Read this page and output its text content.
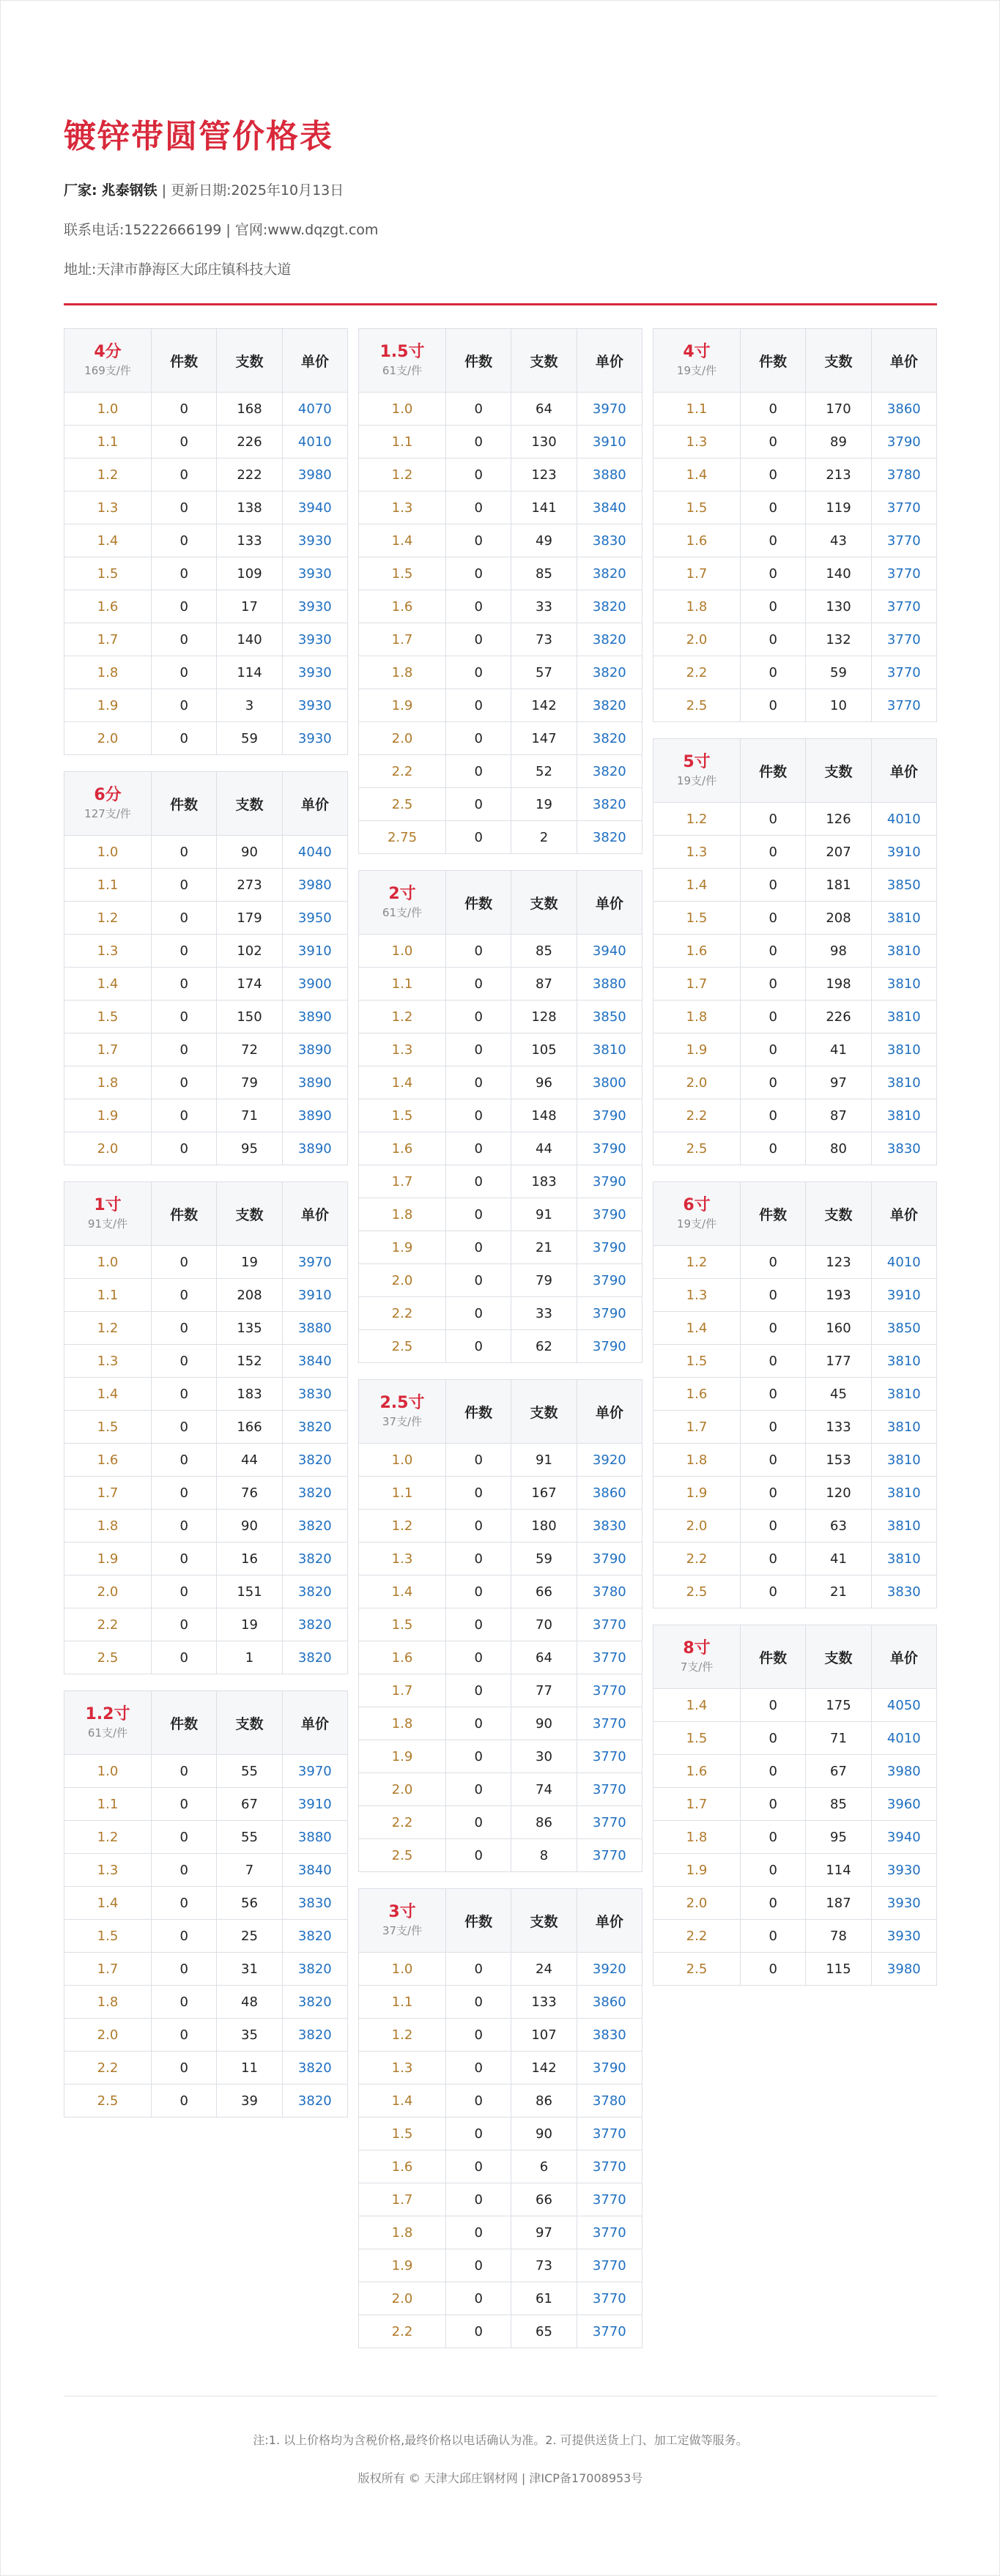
镀锌带圆管价格表
厂家: 兆泰钢铁 | 更新日期:2025年10月13日
联系电话:15222666199 | 官网:www.dqzgt.com
地址:天津市静海区大邱庄镇科技大道
4分
169支/件	件数	支数	单价
1.0	0	168	4070
1.1	0	226	4010
1.2	0	222	3980
1.3	0	138	3940
1.4	0	133	3930
1.5	0	109	3930
1.6	0	17	3930
1.7	0	140	3930
1.8	0	114	3930
1.9	0	3	3930
2.0	0	59	3930
6分
127支/件	件数	支数	单价
1.0	0	90	4040
1.1	0	273	3980
1.2	0	179	3950
1.3	0	102	3910
1.4	0	174	3900
1.5	0	150	3890
1.7	0	72	3890
1.8	0	79	3890
1.9	0	71	3890
2.0	0	95	3890
1寸
91支/件	件数	支数	单价
1.0	0	19	3970
1.1	0	208	3910
1.2	0	135	3880
1.3	0	152	3840
1.4	0	183	3830
1.5	0	166	3820
1.6	0	44	3820
1.7	0	76	3820
1.8	0	90	3820
1.9	0	16	3820
2.0	0	151	3820
2.2	0	19	3820
2.5	0	1	3820
1.2寸
61支/件	件数	支数	单价
1.0	0	55	3970
1.1	0	67	3910
1.2	0	55	3880
1.3	0	7	3840
1.4	0	56	3830
1.5	0	25	3820
1.7	0	31	3820
1.8	0	48	3820
2.0	0	35	3820
2.2	0	11	3820
2.5	0	39	3820
1.5寸
61支/件	件数	支数	单价
1.0	0	64	3970
1.1	0	130	3910
1.2	0	123	3880
1.3	0	141	3840
1.4	0	49	3830
1.5	0	85	3820
1.6	0	33	3820
1.7	0	73	3820
1.8	0	57	3820
1.9	0	142	3820
2.0	0	147	3820
2.2	0	52	3820
2.5	0	19	3820
2.75	0	2	3820
2寸
61支/件	件数	支数	单价
1.0	0	85	3940
1.1	0	87	3880
1.2	0	128	3850
1.3	0	105	3810
1.4	0	96	3800
1.5	0	148	3790
1.6	0	44	3790
1.7	0	183	3790
1.8	0	91	3790
1.9	0	21	3790
2.0	0	79	3790
2.2	0	33	3790
2.5	0	62	3790
2.5寸
37支/件	件数	支数	单价
1.0	0	91	3920
1.1	0	167	3860
1.2	0	180	3830
1.3	0	59	3790
1.4	0	66	3780
1.5	0	70	3770
1.6	0	64	3770
1.7	0	77	3770
1.8	0	90	3770
1.9	0	30	3770
2.0	0	74	3770
2.2	0	86	3770
2.5	0	8	3770
3寸
37支/件	件数	支数	单价
1.0	0	24	3920
1.1	0	133	3860
1.2	0	107	3830
1.3	0	142	3790
1.4	0	86	3780
1.5	0	90	3770
1.6	0	6	3770
1.7	0	66	3770
1.8	0	97	3770
1.9	0	73	3770
2.0	0	61	3770
2.2	0	65	3770
4寸
19支/件	件数	支数	单价
1.1	0	170	3860
1.3	0	89	3790
1.4	0	213	3780
1.5	0	119	3770
1.6	0	43	3770
1.7	0	140	3770
1.8	0	130	3770
2.0	0	132	3770
2.2	0	59	3770
2.5	0	10	3770
5寸
19支/件	件数	支数	单价
1.2	0	126	4010
1.3	0	207	3910
1.4	0	181	3850
1.5	0	208	3810
1.6	0	98	3810
1.7	0	198	3810
1.8	0	226	3810
1.9	0	41	3810
2.0	0	97	3810
2.2	0	87	3810
2.5	0	80	3830
6寸
19支/件	件数	支数	单价
1.2	0	123	4010
1.3	0	193	3910
1.4	0	160	3850
1.5	0	177	3810
1.6	0	45	3810
1.7	0	133	3810
1.8	0	153	3810
1.9	0	120	3810
2.0	0	63	3810
2.2	0	41	3810
2.5	0	21	3830
8寸
7支/件	件数	支数	单价
1.4	0	175	4050
1.5	0	71	4010
1.6	0	67	3980
1.7	0	85	3960
1.8	0	95	3940
1.9	0	114	3930
2.0	0	187	3930
2.2	0	78	3930
2.5	0	115	3980
注:1. 以上价格均为含税价格,最终价格以电话确认为准。2. 可提供送货上门、加工定做等服务。
版权所有 © 天津大邱庄钢材网 | 津ICP备17008953号
